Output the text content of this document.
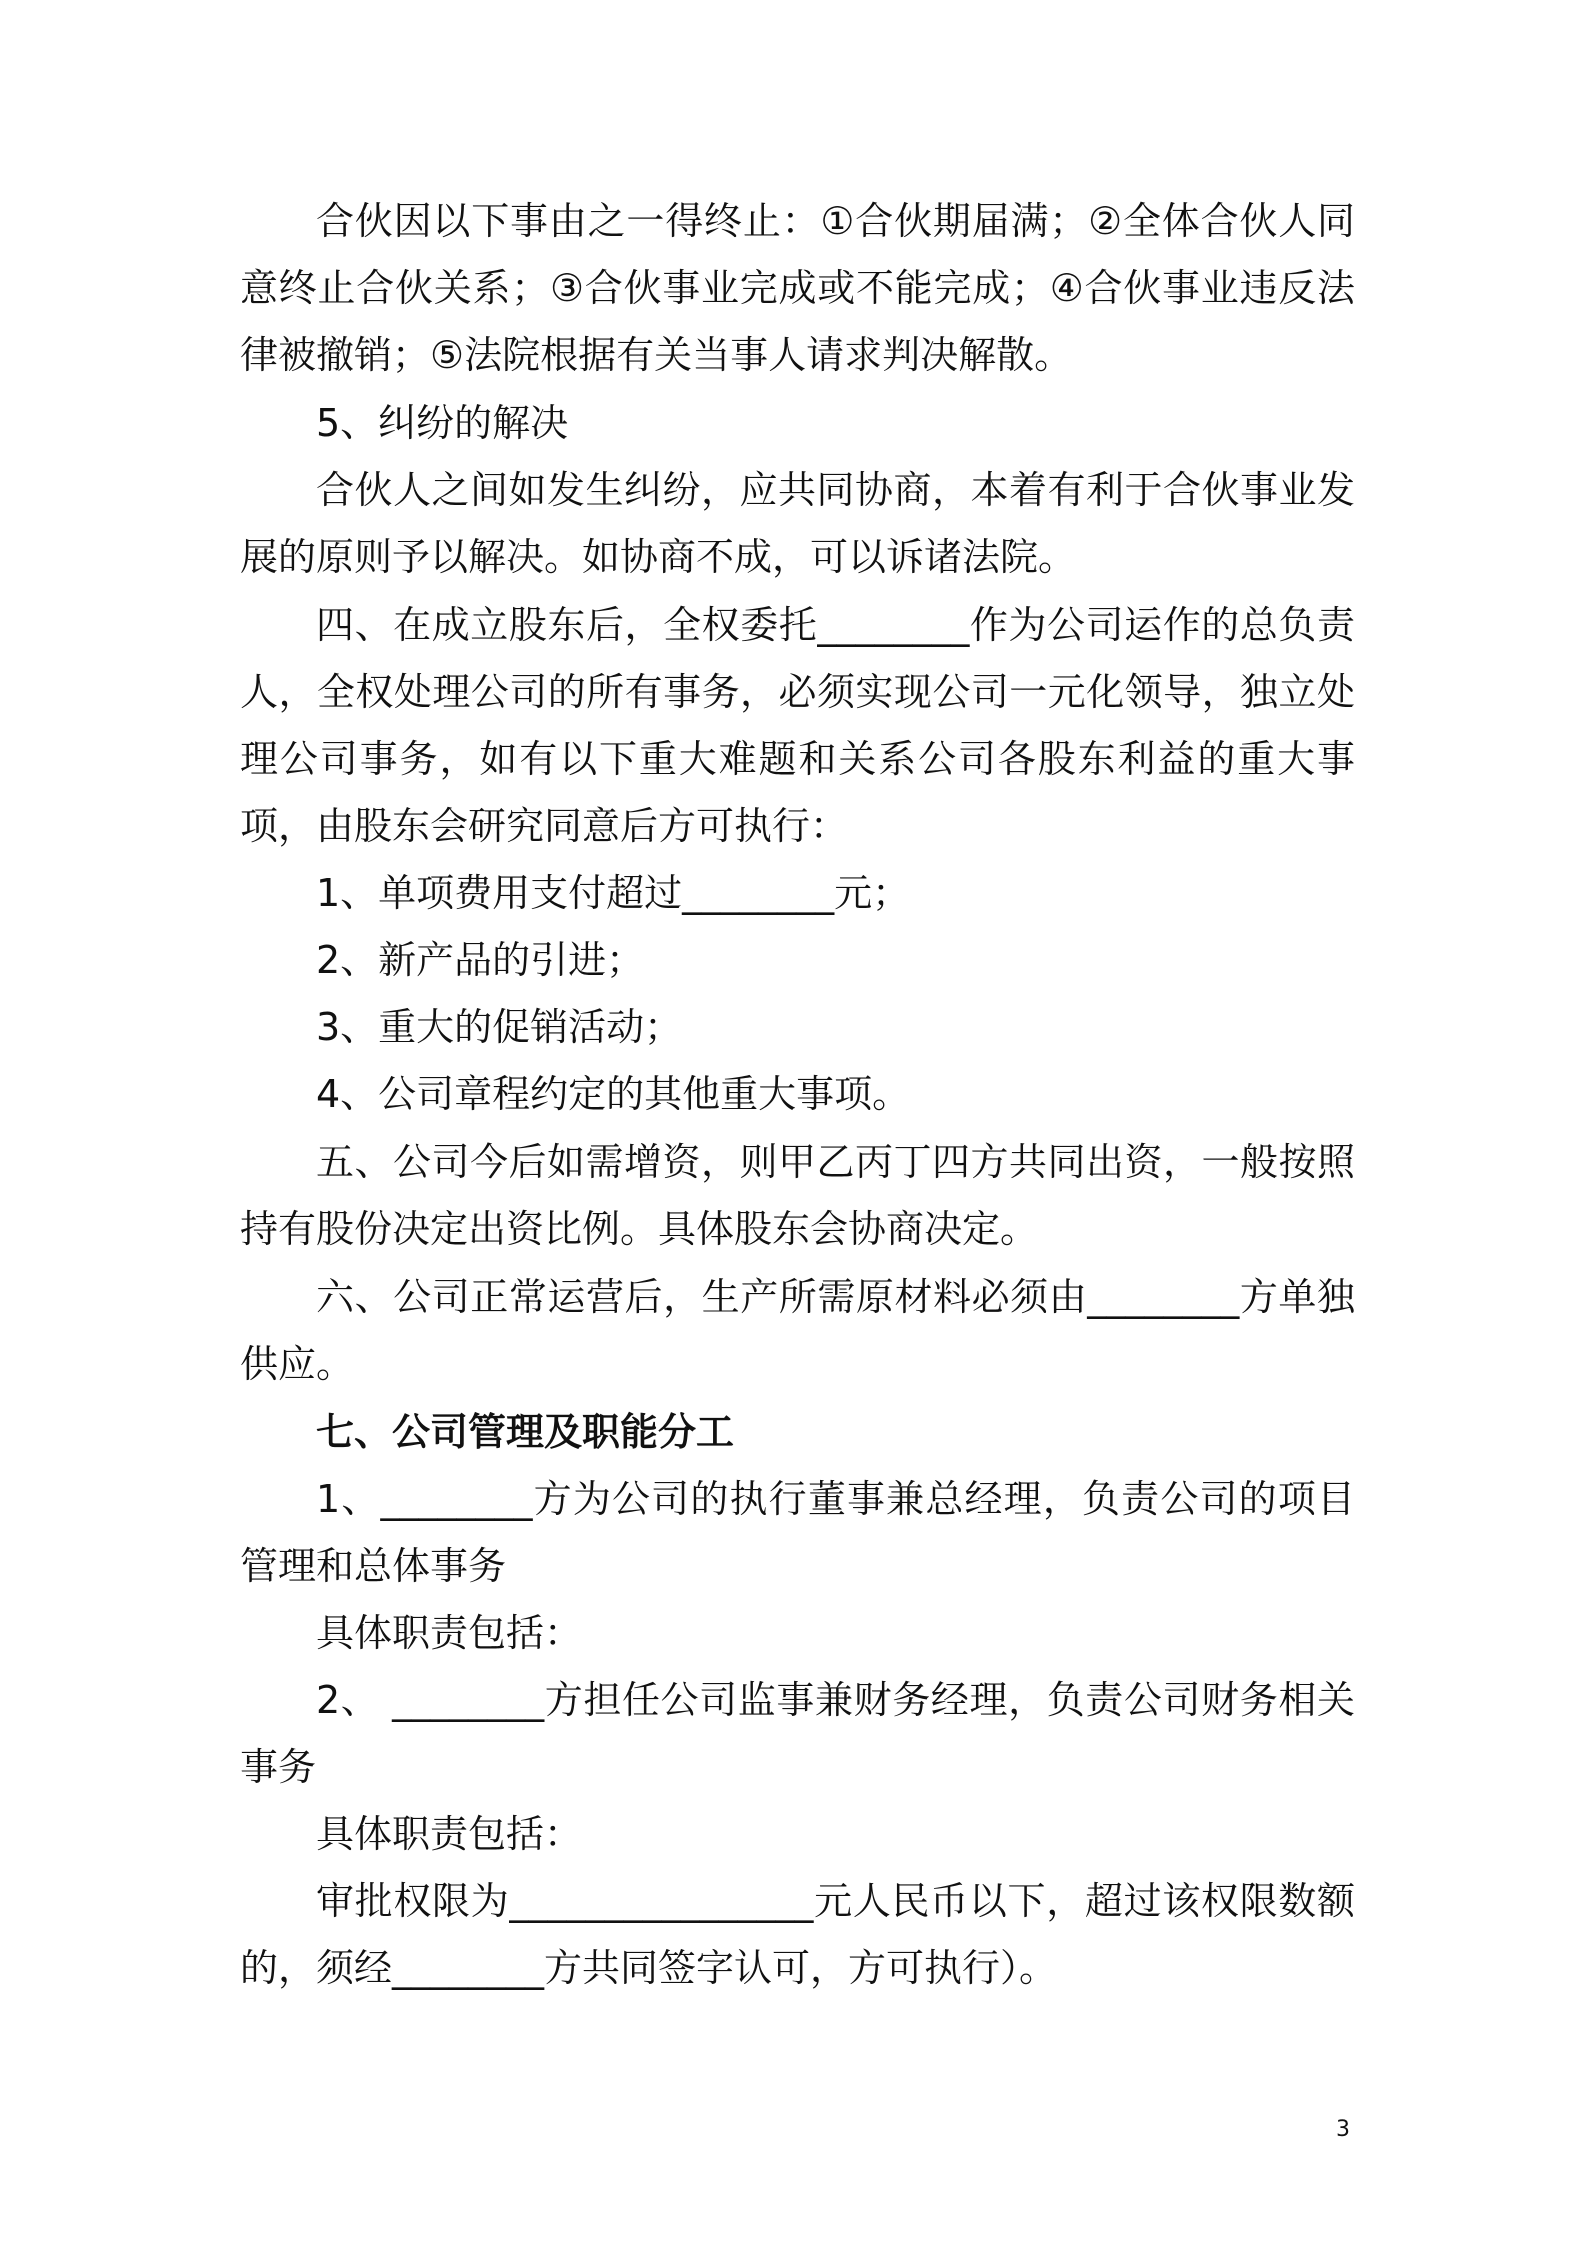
合伙因以下事由之一得终止：①合伙期届满；②全体合伙人同意终止合伙关系；③合伙事业完成或不能完成；④合伙事业违反法律被撤销；⑤法院根据有关当事人请求判决解散。

5、纠纷的解决

合伙人之间如发生纠纷，应共同协商，本着有利于合伙事业发展的原则予以解决。如协商不成，可以诉诸法院。

四、在成立股东后，全权委托________作为公司运作的总负责人，全权处理公司的所有事务，必须实现公司一元化领导，独立处理公司事务，如有以下重大难题和关系公司各股东利益的重大事项，由股东会研究同意后方可执行：

1、单项费用支付超过________元；

2、新产品的引进；

3、重大的促销活动；

4、公司章程约定的其他重大事项。

五、公司今后如需增资，则甲乙丙丁四方共同出资，一般按照持有股份决定出资比例。具体股东会协商决定。

六、公司正常运营后，生产所需原材料必须由________方单独供应。

七、公司管理及职能分工

1、________方为公司的执行董事兼总经理，负责公司的项目管理和总体事务

具体职责包括：

2、 ________方担任公司监事兼财务经理，负责公司财务相关事务

具体职责包括：

审批权限为________________元人民币以下，超过该权限数额的，须经________方共同签字认可，方可执行）。

3
